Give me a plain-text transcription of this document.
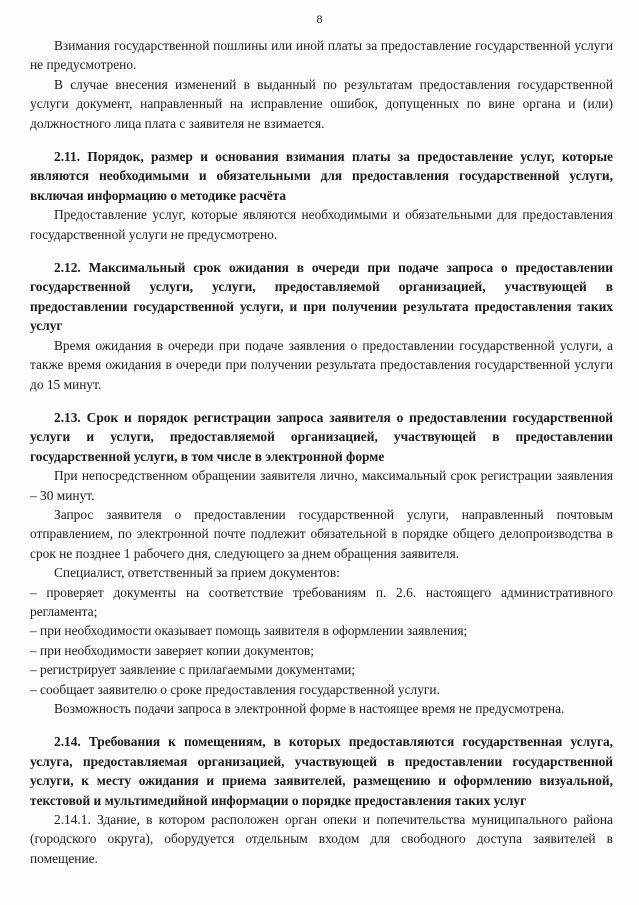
8

Взимания государственной пошлины или иной платы за предоставление государственной услуги не предусмотрено.

В случае внесения изменений в выданный по результатам предоставления государственной услуги документ, направленный на исправление ошибок, допущенных по вине органа и (или) должностного лица плата с заявителя не взимается.

2.11. Порядок, размер и основания взимания платы за предоставление услуг, которые являются необходимыми и обязательными для предоставления государственной услуги, включая информацию о методике расчёта

Предоставление услуг, которые являются необходимыми и обязательными для предоставления государственной услуги не предусмотрено.

2.12. Максимальный срок ожидания в очереди при подаче запроса о предоставлении государственной услуги, услуги, предоставляемой организацией, участвующей в предоставлении государственной услуги, и при получении результата предоставления таких услуг

Время ожидания в очереди при подаче заявления о предоставлении государственной услуги, а также время ожидания в очереди при получении результата предоставления государственной услуги до 15 минут.

2.13. Срок и порядок регистрации запроса заявителя о предоставлении государственной услуги и услуги, предоставляемой организацией, участвующей в предоставлении государственной услуги, в том числе в электронной форме

При непосредственном обращении заявителя лично, максимальный срок регистрации заявления – 30 минут.

Запрос заявителя о предоставлении государственной услуги, направленный почтовым отправлением, по электронной почте подлежит обязательной в порядке общего делопроизводства в срок не позднее 1 рабочего дня, следующего за днем обращения заявителя.

Специалист, ответственный за прием документов:

– проверяет документы на соответствие требованиям п. 2.6. настоящего административного регламента;

– при необходимости оказывает помощь заявителя в оформлении заявления;

– при необходимости заверяет копии документов;

– регистрирует заявление с прилагаемыми документами;

– сообщает заявителю о сроке предоставления государственной услуги.

Возможность подачи запроса в электронной форме в настоящее время не предусмотрена.

2.14. Требования к помещениям, в которых предоставляются государственная услуга, услуга, предоставляемая организацией, участвующей в предоставлении государственной услуги, к месту ожидания и приема заявителей, размещению и оформлению визуальной, текстовой и мультимедийной информации о порядке предоставления таких услуг

2.14.1. Здание, в котором расположен орган опеки и попечительства муниципального района (городского округа), оборудуется отдельным входом для свободного доступа заявителей в помещение.
